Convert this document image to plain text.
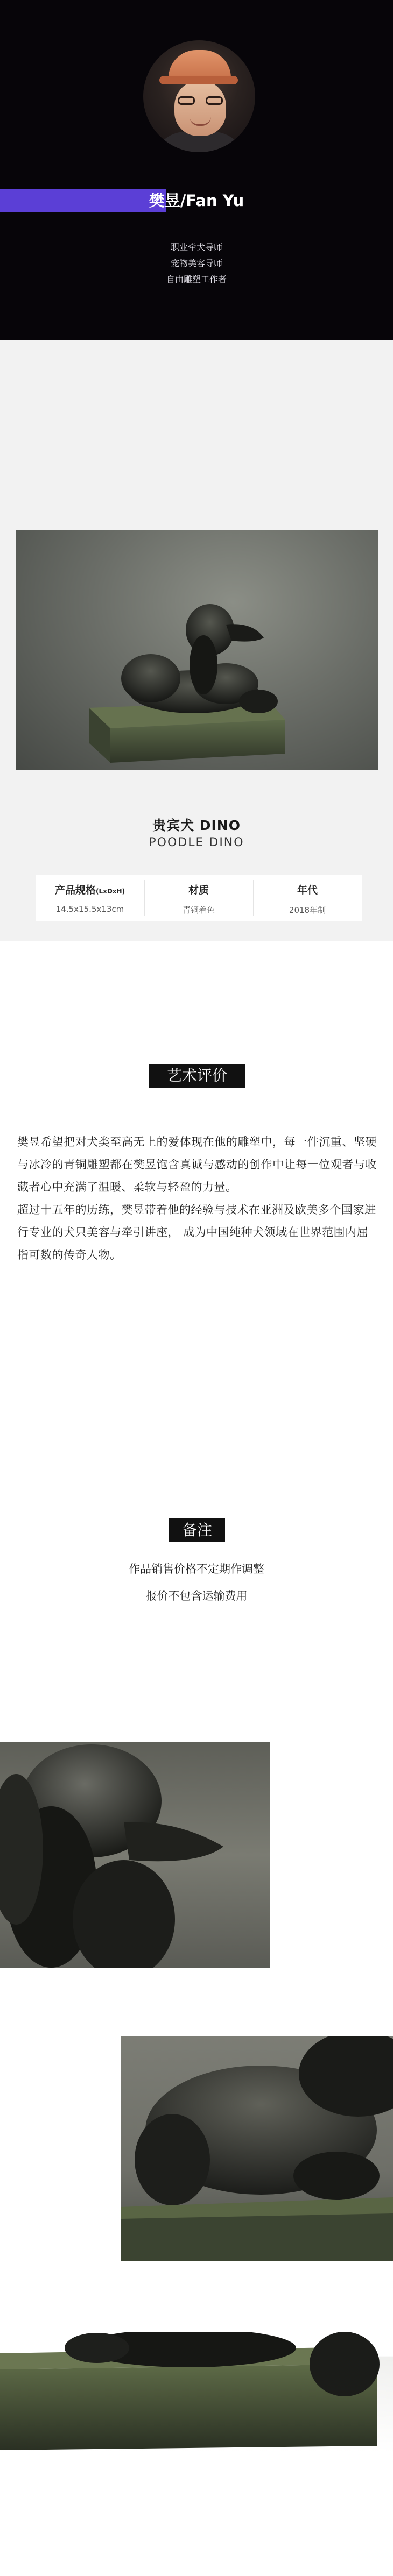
樊昱/Fan Yu
职业牵犬导师
宠物美容导师
自由雕塑工作者
贵宾犬 DINO
POODLE DINO
产品规格(LxDxH)
14.5x15.5x13cm
材质
青铜着色
年代
2018年制
艺术评价

樊昱希望把对犬类至高无上的爱体现在他的雕塑中，每一件沉重、坚硬与冰冷的青铜雕塑都在樊昱饱含真诚与感动的创作中让每一位观者与收藏者心中充满了温暖、柔软与轻盈的力量。

超过十五年的历练，樊昱带着他的经验与技术在亚洲及欧美多个国家进行专业的犬只美容与牵引讲座， 成为中国纯种犬领域在世界范围内屈指可数的传奇人物。

备注
作品销售价格不定期作调整
报价不包含运输费用
